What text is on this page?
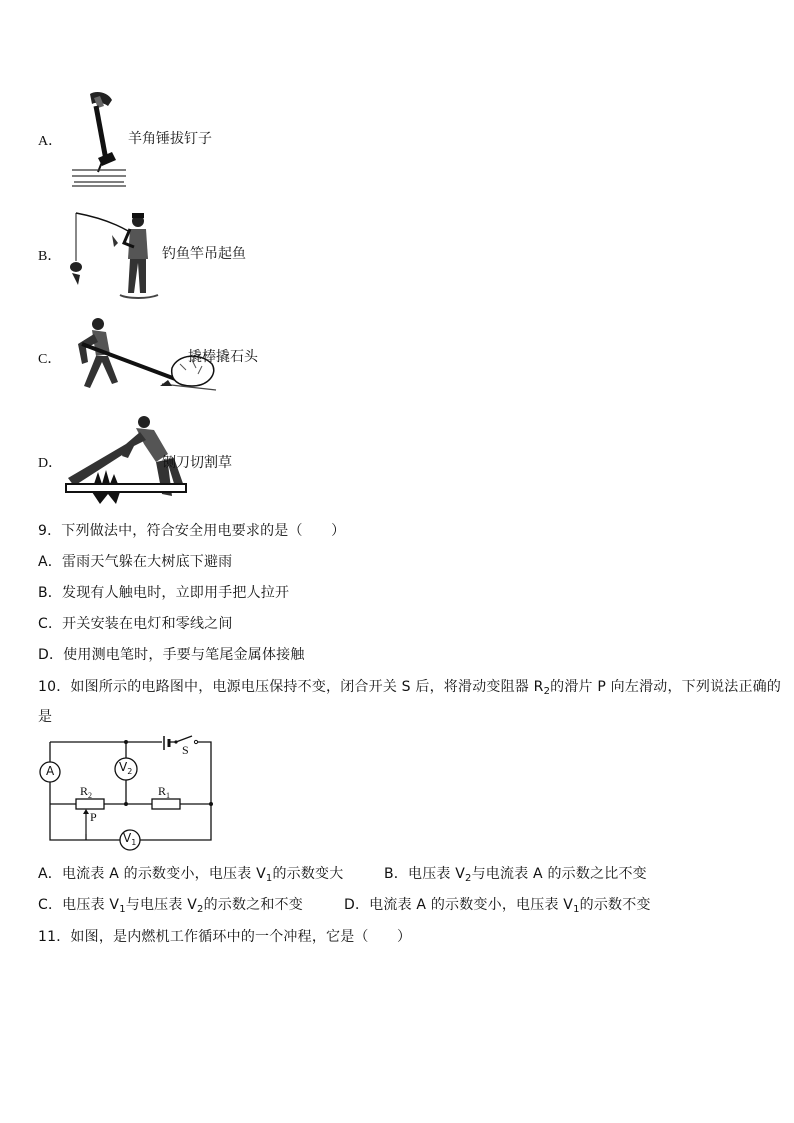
A．	羊角锤拔钉子
B．	钓鱼竿吊起鱼
C．	撬棒撬石头
D．	铡刀切割草
9．下列做法中，符合安全用电要求的是（　　）
A．雷雨天气躲在大树底下避雨
B．发现有人触电时，立即用手把人拉开
C．开关安装在电灯和零线之间
D．使用测电笔时，手要与笔尾金属体接触
10．如图所示的电路图中，电源电压保持不变，闭合开关 S 后，将滑动变阻器 $R_2$的滑片 P 向左滑动，下列说法正确的
是
A	$V_2$
$V_1$
S
$R_2$	$R_1$
P
A．电流表 A 的示数变小，电压表 $V_1$的示数变大	B．电压表 $V_2$与电流表 A 的示数之比不变
C．电压表 $V_1$与电压表 $V_2$的示数之和不变	D．电流表 A 的示数变小，电压表 $V_1$的示数不变
11．如图，是内燃机工作循环中的一个冲程，它是（　　）
